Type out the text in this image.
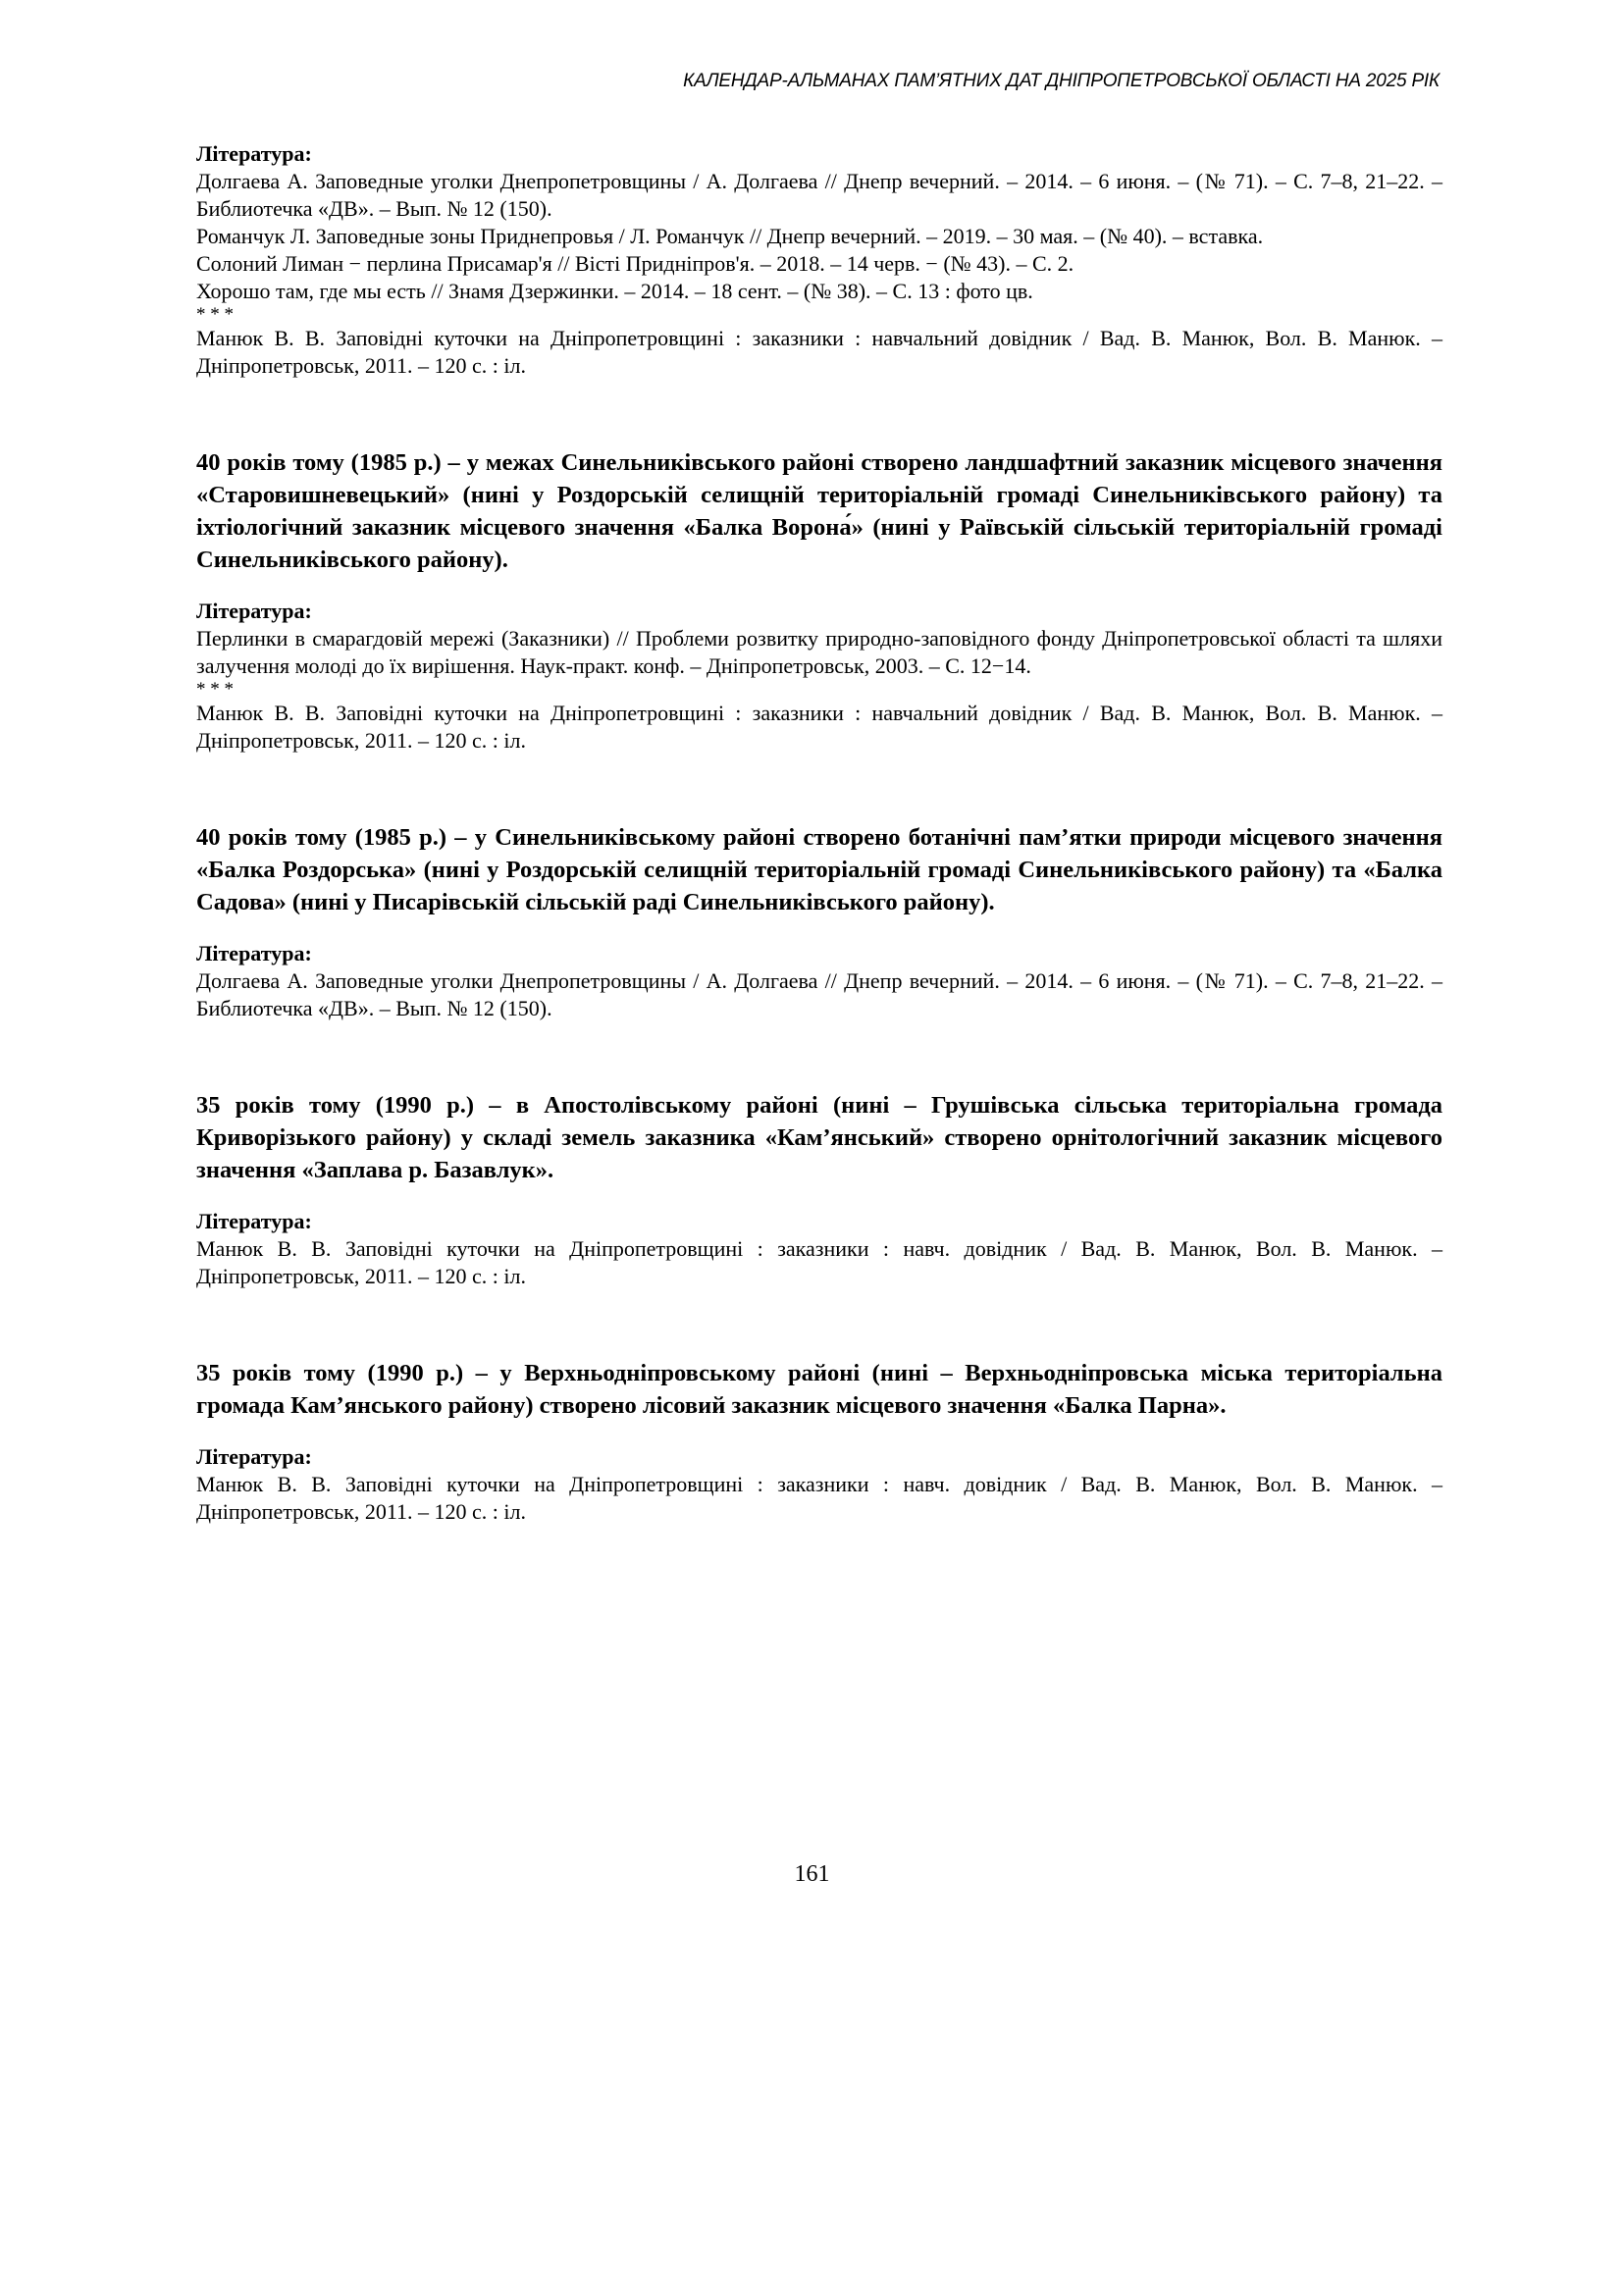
КАЛЕНДАР-АЛЬМАНАХ ПАМ’ЯТНИХ ДАТ ДНІПРОПЕТРОВСЬКОЇ ОБЛАСТІ НА 2025 РІК

Література:

Долгаева А. Заповедные уголки Днепропетровщины / А. Долгаева // Днепр вечерний. – 2014. – 6 июня. – (№ 71). – С. 7–8, 21–22. – Библиотечка «ДВ». – Вып. № 12 (150).

Романчук Л. Заповедные зоны Приднепровья / Л. Романчук // Днепр вечерний. – 2019. – 30 мая. – (№ 40). – вставка.

Солоний Лиман − перлина Присамар'я // Вісті Придніпров'я. – 2018. – 14 черв. − (№ 43). – С. 2.

Хорошо там, где мы есть // Знамя Дзержинки. – 2014. – 18 сент. – (№ 38). – С. 13 : фото цв.

* * *

Манюк В. В. Заповідні куточки на Дніпропетровщині : заказники : навчальний довідник / Вад. В. Манюк, Вол. В. Манюк. – Дніпропетровськ, 2011. – 120 с. : іл.

40 років тому (1985 р.) – у межах Синельниківського районі створено ландшафтний заказник місцевого значення «Старовишневецький» (нині у Роздорській селищній територіальній громаді Синельниківського району) та іхтіологічний заказник місцевого значення «Балка Ворона́» (нині у Раївській сільській територіальній громаді Синельниківського району).

Література:

Перлинки в смарагдовій мережі (Заказники) // Проблеми розвитку природно-заповідного фонду Дніпропетровської області та шляхи залучення молоді до їх вирішення. Наук-практ. конф. – Дніпропетровськ, 2003. – С. 12−14.

* * *

Манюк В. В. Заповідні куточки на Дніпропетровщині : заказники : навчальний довідник / Вад. В. Манюк, Вол. В. Манюк. – Дніпропетровськ, 2011. – 120 с. : іл.

40 років тому (1985 р.) – у Синельниківському районі створено ботанічні пам’ятки природи місцевого значення «Балка Роздорська» (нині у Роздорській селищній територіальній громаді Синельниківського району) та «Балка Садова» (нині у Писарівській сільській раді Синельниківського району).

Література:

Долгаева А. Заповедные уголки Днепропетровщины / А. Долгаева // Днепр вечерний. – 2014. – 6 июня. – (№ 71). – С. 7–8, 21–22. – Библиотечка «ДВ». – Вып. № 12 (150).

35 років тому (1990 р.) – в Апостолівському районі (нині – Грушівська сільська територіальна громада Криворізького району) у складі земель заказника «Кам’янський» створено орнітологічний заказник місцевого значення «Заплава р. Базавлук».

Література:

Манюк В. В. Заповідні куточки на Дніпропетровщині : заказники : навч. довідник / Вад. В. Манюк, Вол. В. Манюк. – Дніпропетровськ, 2011. – 120 с. : іл.

35 років тому (1990 р.) – у Верхньодніпровському районі (нині – Верхньодніпровська міська територіальна громада Кам’янського району) створено лісовий заказник місцевого значення «Балка Парна».

Література:

Манюк В. В. Заповідні куточки на Дніпропетровщині : заказники : навч. довідник / Вад. В. Манюк, Вол. В. Манюк. – Дніпропетровськ, 2011. – 120 с. : іл.

161
